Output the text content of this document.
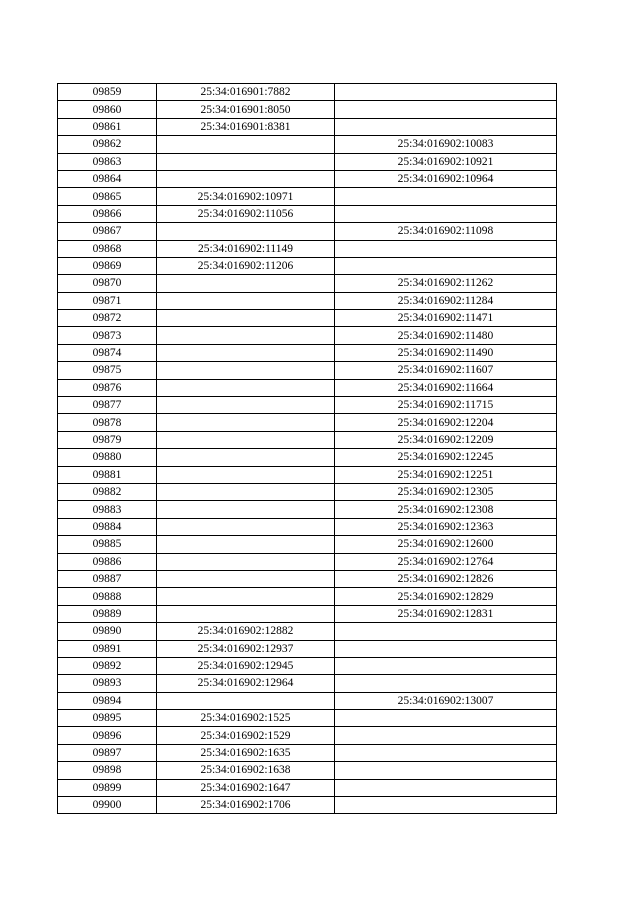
09859	25:34:016901:7882	
09860	25:34:016901:8050	
09861	25:34:016901:8381	
09862		25:34:016902:10083
09863		25:34:016902:10921
09864		25:34:016902:10964
09865	25:34:016902:10971	
09866	25:34:016902:11056	
09867		25:34:016902:11098
09868	25:34:016902:11149	
09869	25:34:016902:11206	
09870		25:34:016902:11262
09871		25:34:016902:11284
09872		25:34:016902:11471
09873		25:34:016902:11480
09874		25:34:016902:11490
09875		25:34:016902:11607
09876		25:34:016902:11664
09877		25:34:016902:11715
09878		25:34:016902:12204
09879		25:34:016902:12209
09880		25:34:016902:12245
09881		25:34:016902:12251
09882		25:34:016902:12305
09883		25:34:016902:12308
09884		25:34:016902:12363
09885		25:34:016902:12600
09886		25:34:016902:12764
09887		25:34:016902:12826
09888		25:34:016902:12829
09889		25:34:016902:12831
09890	25:34:016902:12882	
09891	25:34:016902:12937	
09892	25:34:016902:12945	
09893	25:34:016902:12964	
09894		25:34:016902:13007
09895	25:34:016902:1525	
09896	25:34:016902:1529	
09897	25:34:016902:1635	
09898	25:34:016902:1638	
09899	25:34:016902:1647	
09900	25:34:016902:1706	
